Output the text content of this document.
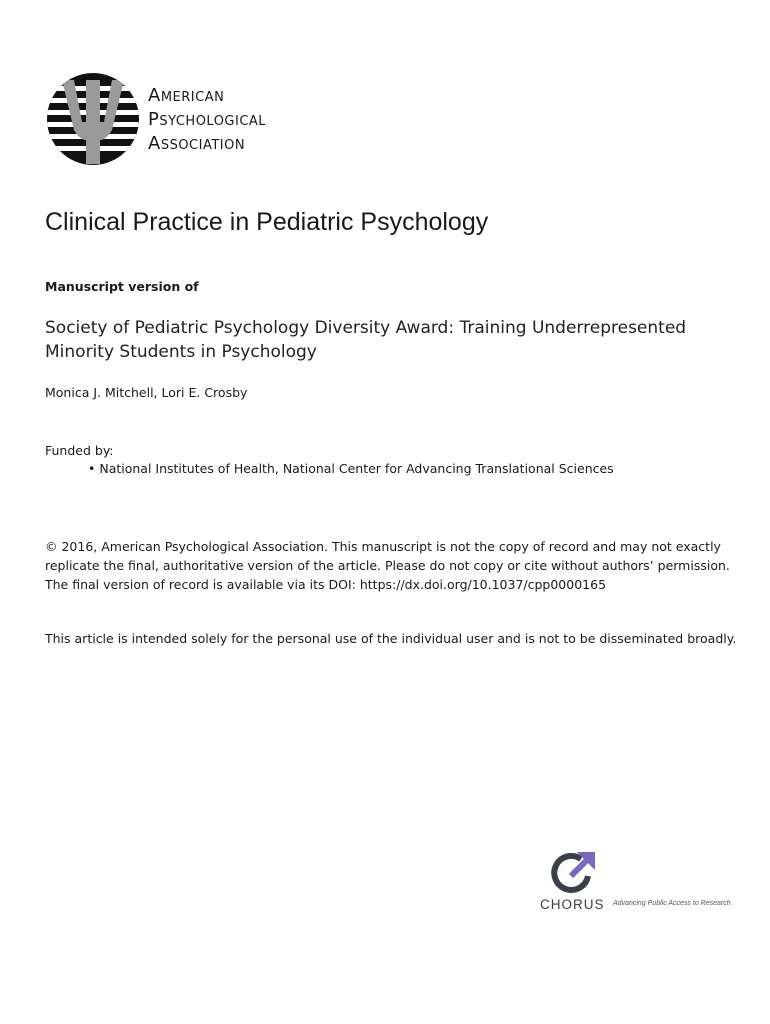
American
Psychological
Association
Clinical Practice in Pediatric Psychology
Manuscript version of
Society of Pediatric Psychology Diversity Award: Training Underrepresented Minority Students in Psychology
Monica J. Mitchell, Lori E. Crosby
Funded by:
• National Institutes of Health, National Center for Advancing Translational Sciences

© 2016, American Psychological Association. This manuscript is not the copy of record and may not exactly

replicate the final, authoritative version of the article. Please do not copy or cite without authors’ permission.

The final version of record is available via its DOI: https://dx.doi.org/10.1037/cpp0000165

This article is intended solely for the personal use of the individual user and is not to be disseminated broadly.
CHORUS Advancing Public Access to Research
